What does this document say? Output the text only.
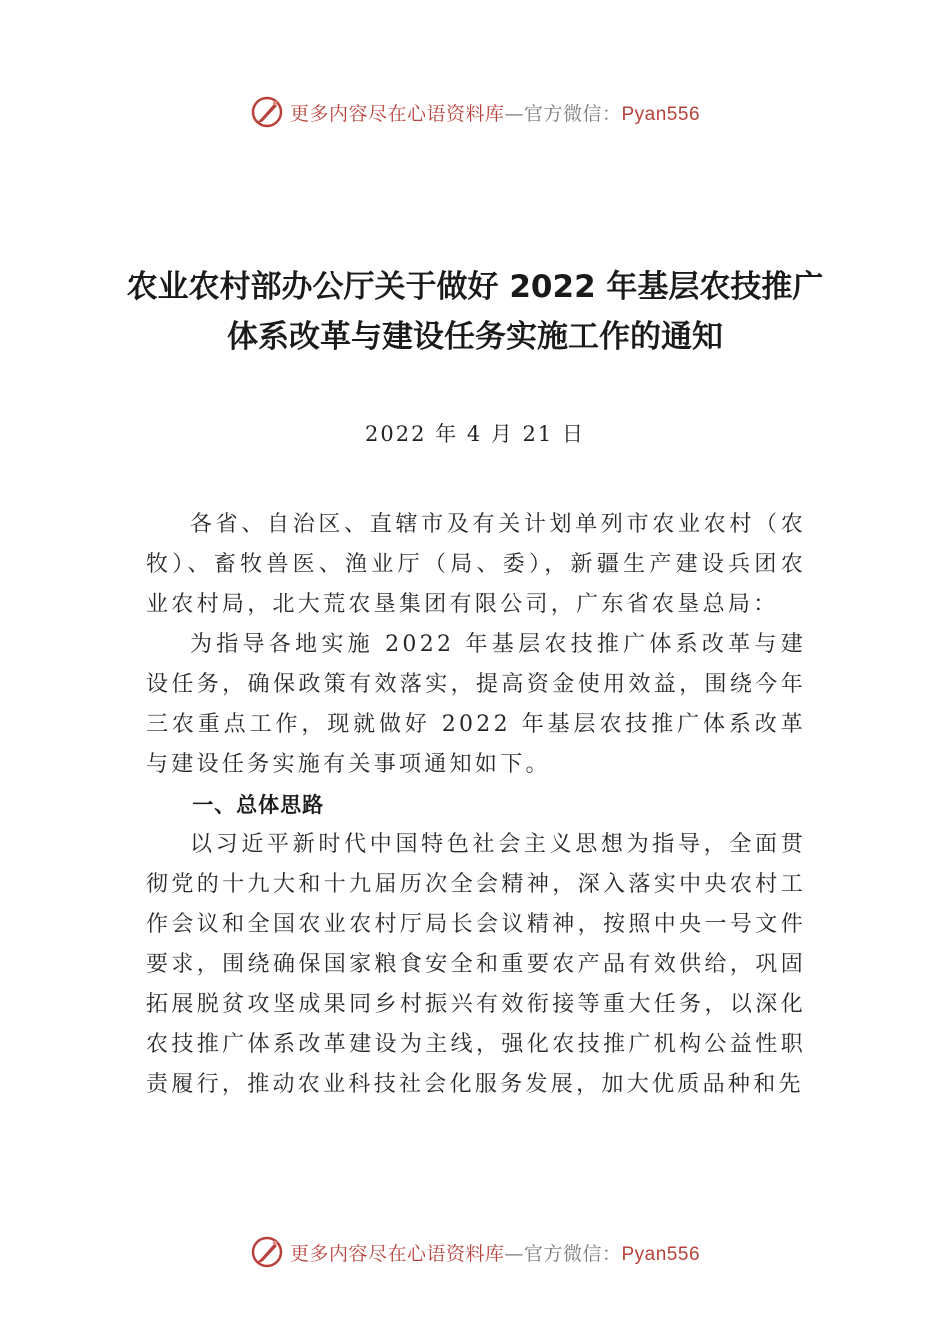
更多内容尽在心语资料库—官方微信：Pyan556
农业农村部办公厅关于做好 2022 年基层农技推广体系改革与建设任务实施工作的通知
2022 年 4 月 21 日

各省、自治区、直辖市及有关计划单列市农业农村（农牧）、畜牧兽医、渔业厅（局、委），新疆生产建设兵团农业农村局，北大荒农垦集团有限公司，广东省农垦总局：

为指导各地实施 2022 年基层农技推广体系改革与建设任务，确保政策有效落实，提高资金使用效益，围绕今年三农重点工作，现就做好 2022 年基层农技推广体系改革与建设任务实施有关事项通知如下。

一、总体思路

以习近平新时代中国特色社会主义思想为指导，全面贯彻党的十九大和十九届历次全会精神，深入落实中央农村工作会议和全国农业农村厅局长会议精神，按照中央一号文件要求，围绕确保国家粮食安全和重要农产品有效供给，巩固拓展脱贫攻坚成果同乡村振兴有效衔接等重大任务，以深化农技推广体系改革建设为主线，强化农技推广机构公益性职责履行，推动农业科技社会化服务发展，加大优质品种和先

更多内容尽在心语资料库—官方微信：Pyan556
